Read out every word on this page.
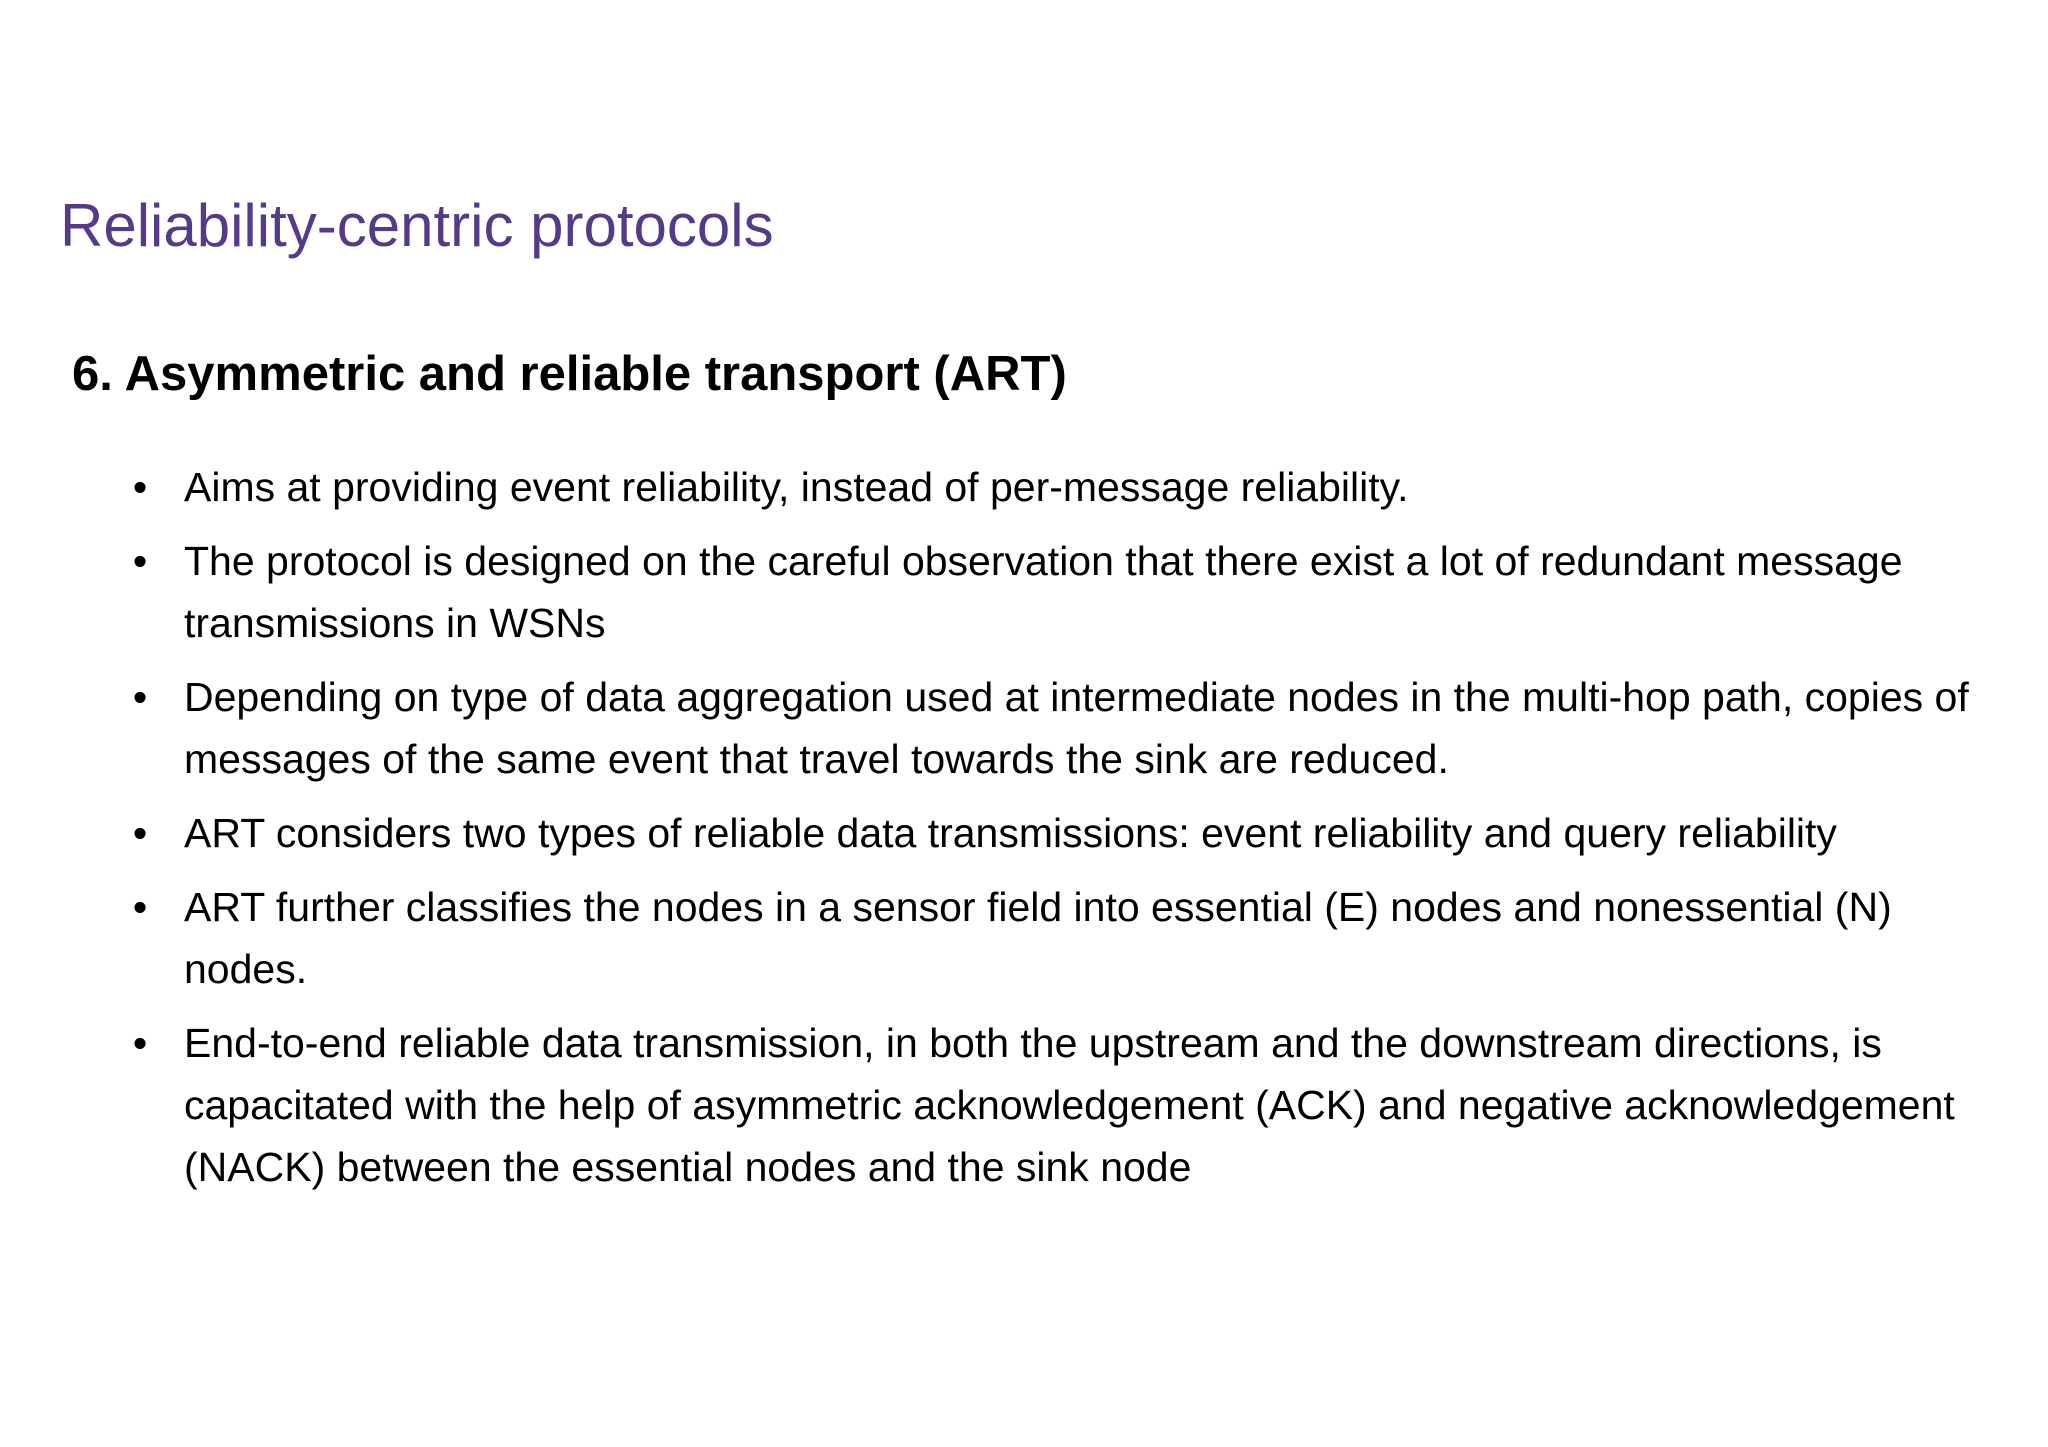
Reliability-centric protocols
6. Asymmetric and reliable transport (ART)
• Aims at providing event reliability, instead of per-message reliability.
• The protocol is designed on the careful observation that there exist a lot of redundant message transmissions in WSNs
• Depending on type of data aggregation used at intermediate nodes in the multi-hop path, copies of messages of the same event that travel towards the sink are reduced.
• ART considers two types of reliable data transmissions: event reliability and query reliability
• ART further classifies the nodes in a sensor field into essential (E) nodes and nonessential (N) nodes.
• End-to-end reliable data transmission, in both the upstream and the downstream directions, is capacitated with the help of asymmetric acknowledgement (ACK) and negative acknowledgement (NACK) between the essential nodes and the sink node
